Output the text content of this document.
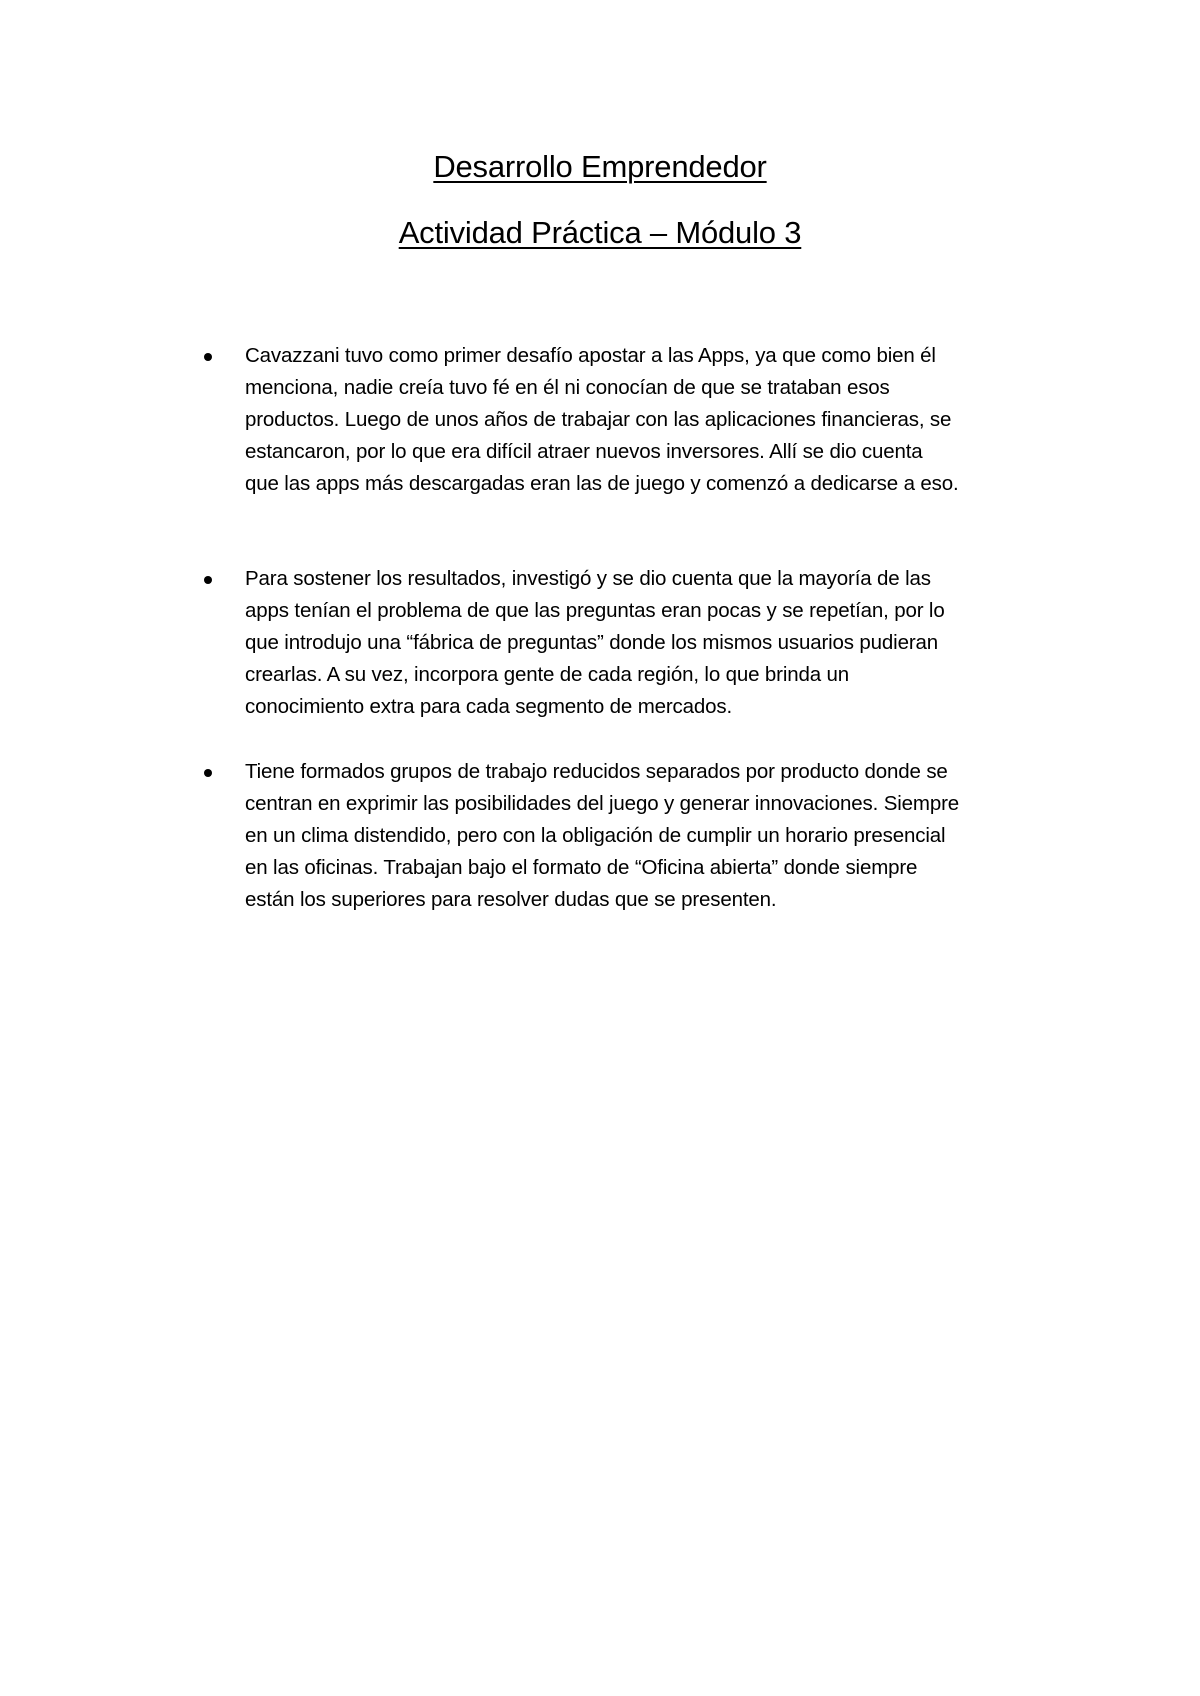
Desarrollo Emprendedor
Actividad Práctica – Módulo 3
Cavazzani tuvo como primer desafío apostar a las Apps, ya que como bien él
menciona, nadie creía tuvo fé en él ni conocían de que se trataban esos
productos. Luego de unos años de trabajar con las aplicaciones financieras, se
estancaron, por lo que era difícil atraer nuevos inversores. Allí se dio cuenta
que las apps más descargadas eran las de juego y comenzó a dedicarse a eso.
Para sostener los resultados, investigó y se dio cuenta que la mayoría de las
apps tenían el problema de que las preguntas eran pocas y se repetían, por lo
que introdujo una “fábrica de preguntas” donde los mismos usuarios pudieran
crearlas. A su vez, incorpora gente de cada región, lo que brinda un
conocimiento extra para cada segmento de mercados.
Tiene formados grupos de trabajo reducidos separados por producto donde se
centran en exprimir las posibilidades del juego y generar innovaciones. Siempre
en un clima distendido, pero con la obligación de cumplir un horario presencial
en las oficinas. Trabajan bajo el formato de “Oficina abierta” donde siempre
están los superiores para resolver dudas que se presenten.
